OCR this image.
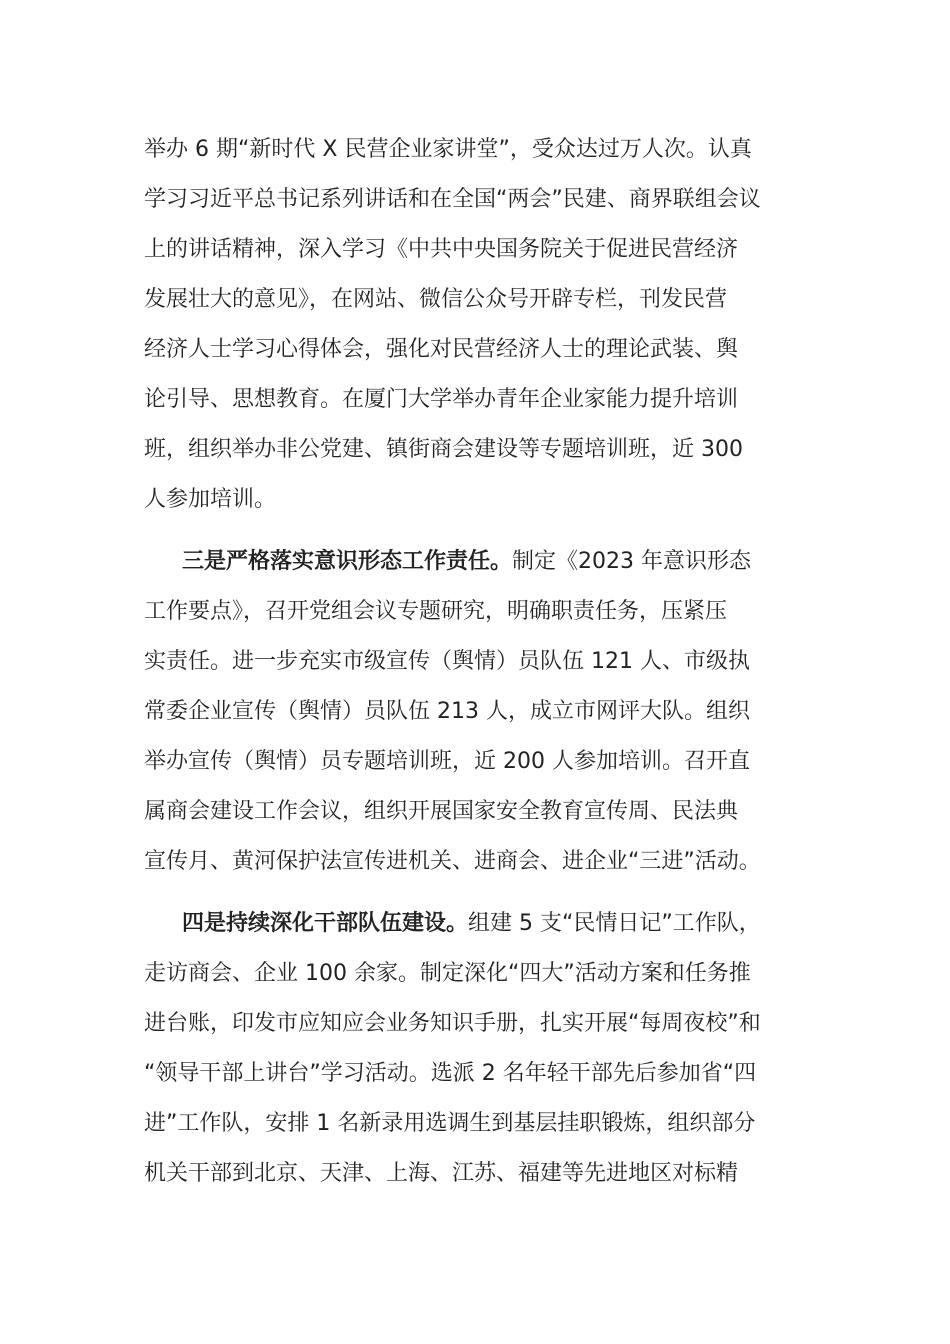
举办 6 期“新时代 X 民营企业家讲堂”，受众达过万人次。认真
学习习近平总书记系列讲话和在全国“两会”民建、商界联组会议
上的讲话精神，深入学习《中共中央国务院关于促进民营经济
发展壮大的意见》，在网站、微信公众号开辟专栏，刊发民营
经济人士学习心得体会，强化对民营经济人士的理论武装、舆
论引导、思想教育。在厦门大学举办青年企业家能力提升培训
班，组织举办非公党建、镇街商会建设等专题培训班，近 300
人参加培训。
三是严格落实意识形态工作责任。制定《2023 年意识形态
工作要点》，召开党组会议专题研究，明确职责任务，压紧压
实责任。进一步充实市级宣传（舆情）员队伍 121 人、市级执
常委企业宣传（舆情）员队伍 213 人，成立市网评大队。组织
举办宣传（舆情）员专题培训班，近 200 人参加培训。召开直
属商会建设工作会议，组织开展国家安全教育宣传周、民法典
宣传月、黄河保护法宣传进机关、进商会、进企业“三进”活动。
四是持续深化干部队伍建设。组建 5 支“民情日记”工作队，
走访商会、企业 100 余家。制定深化“四大”活动方案和任务推
进台账，印发市应知应会业务知识手册，扎实开展“每周夜校”和
“领导干部上讲台”学习活动。选派 2 名年轻干部先后参加省“四
进”工作队，安排 1 名新录用选调生到基层挂职锻炼，组织部分
机关干部到北京、天津、上海、江苏、福建等先进地区对标精
